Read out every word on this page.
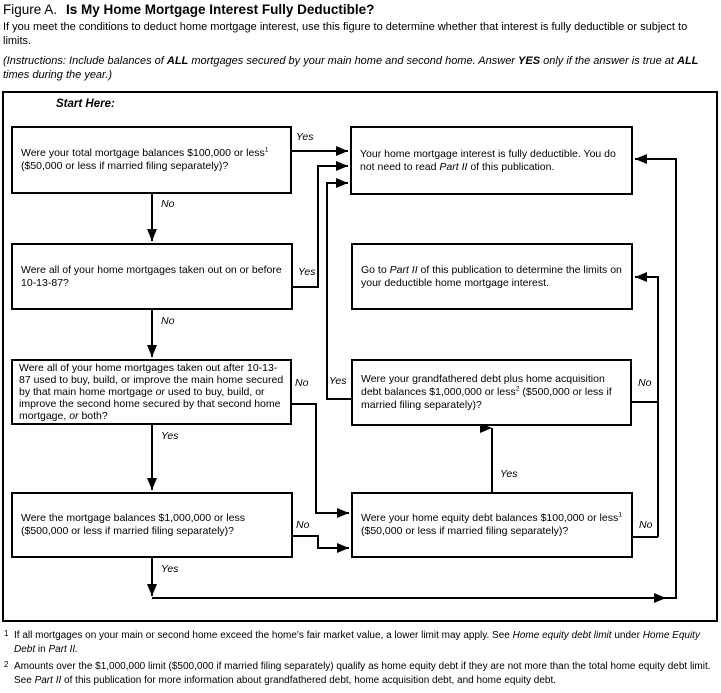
Figure A. Is My Home Mortgage Interest Fully Deductible?

If you meet the conditions to deduct home mortgage interest, use this figure to determine whether that interest is fully deductible or subject to limits.

(Instructions: Include balances of ALL mortgages secured by your main home and second home. Answer YES only if the answer is true at ALL times during the year.)

Start Here:
Were your total mortgage balances $100,000 or less$^1$ ($50,000 or less if married filing separately)?
Your home mortgage interest is fully deductible. You do not need to read Part II of this publication.
Were all of your home mortgages taken out on or before 10-13-87?
Go to Part II of this publication to determine the limits on your deductible home mortgage interest.
Were all of your home mortgages taken out after 10-13-87 used to buy, build, or improve the main home secured by that main home mortgage or used to buy, build, or improve the second home secured by that second home mortgage, or both?
Were your grandfathered debt plus home acquisition debt balances $1,000,000 or less$^2$ ($500,000 or less if married filing separately)?
Were the mortgage balances $1,000,000 or less ($500,000 or less if married filing separately)?
Were your home equity debt balances $100,000 or less$^1$ ($50,000 or less if married filing separately)?
Yes
No
Yes
No
No
Yes
Yes	No
Yes
No
No
Yes
1 If all mortgages on your main or second home exceed the home's fair market value, a lower limit may apply. See Home equity debt limit under Home Equity Debt in Part II.
2 Amounts over the $1,000,000 limit ($500,000 if married filing separately) qualify as home equity debt if they are not more than the total home equity debt limit. See Part II of this publication for more information about grandfathered debt, home acquisition debt, and home equity debt.
